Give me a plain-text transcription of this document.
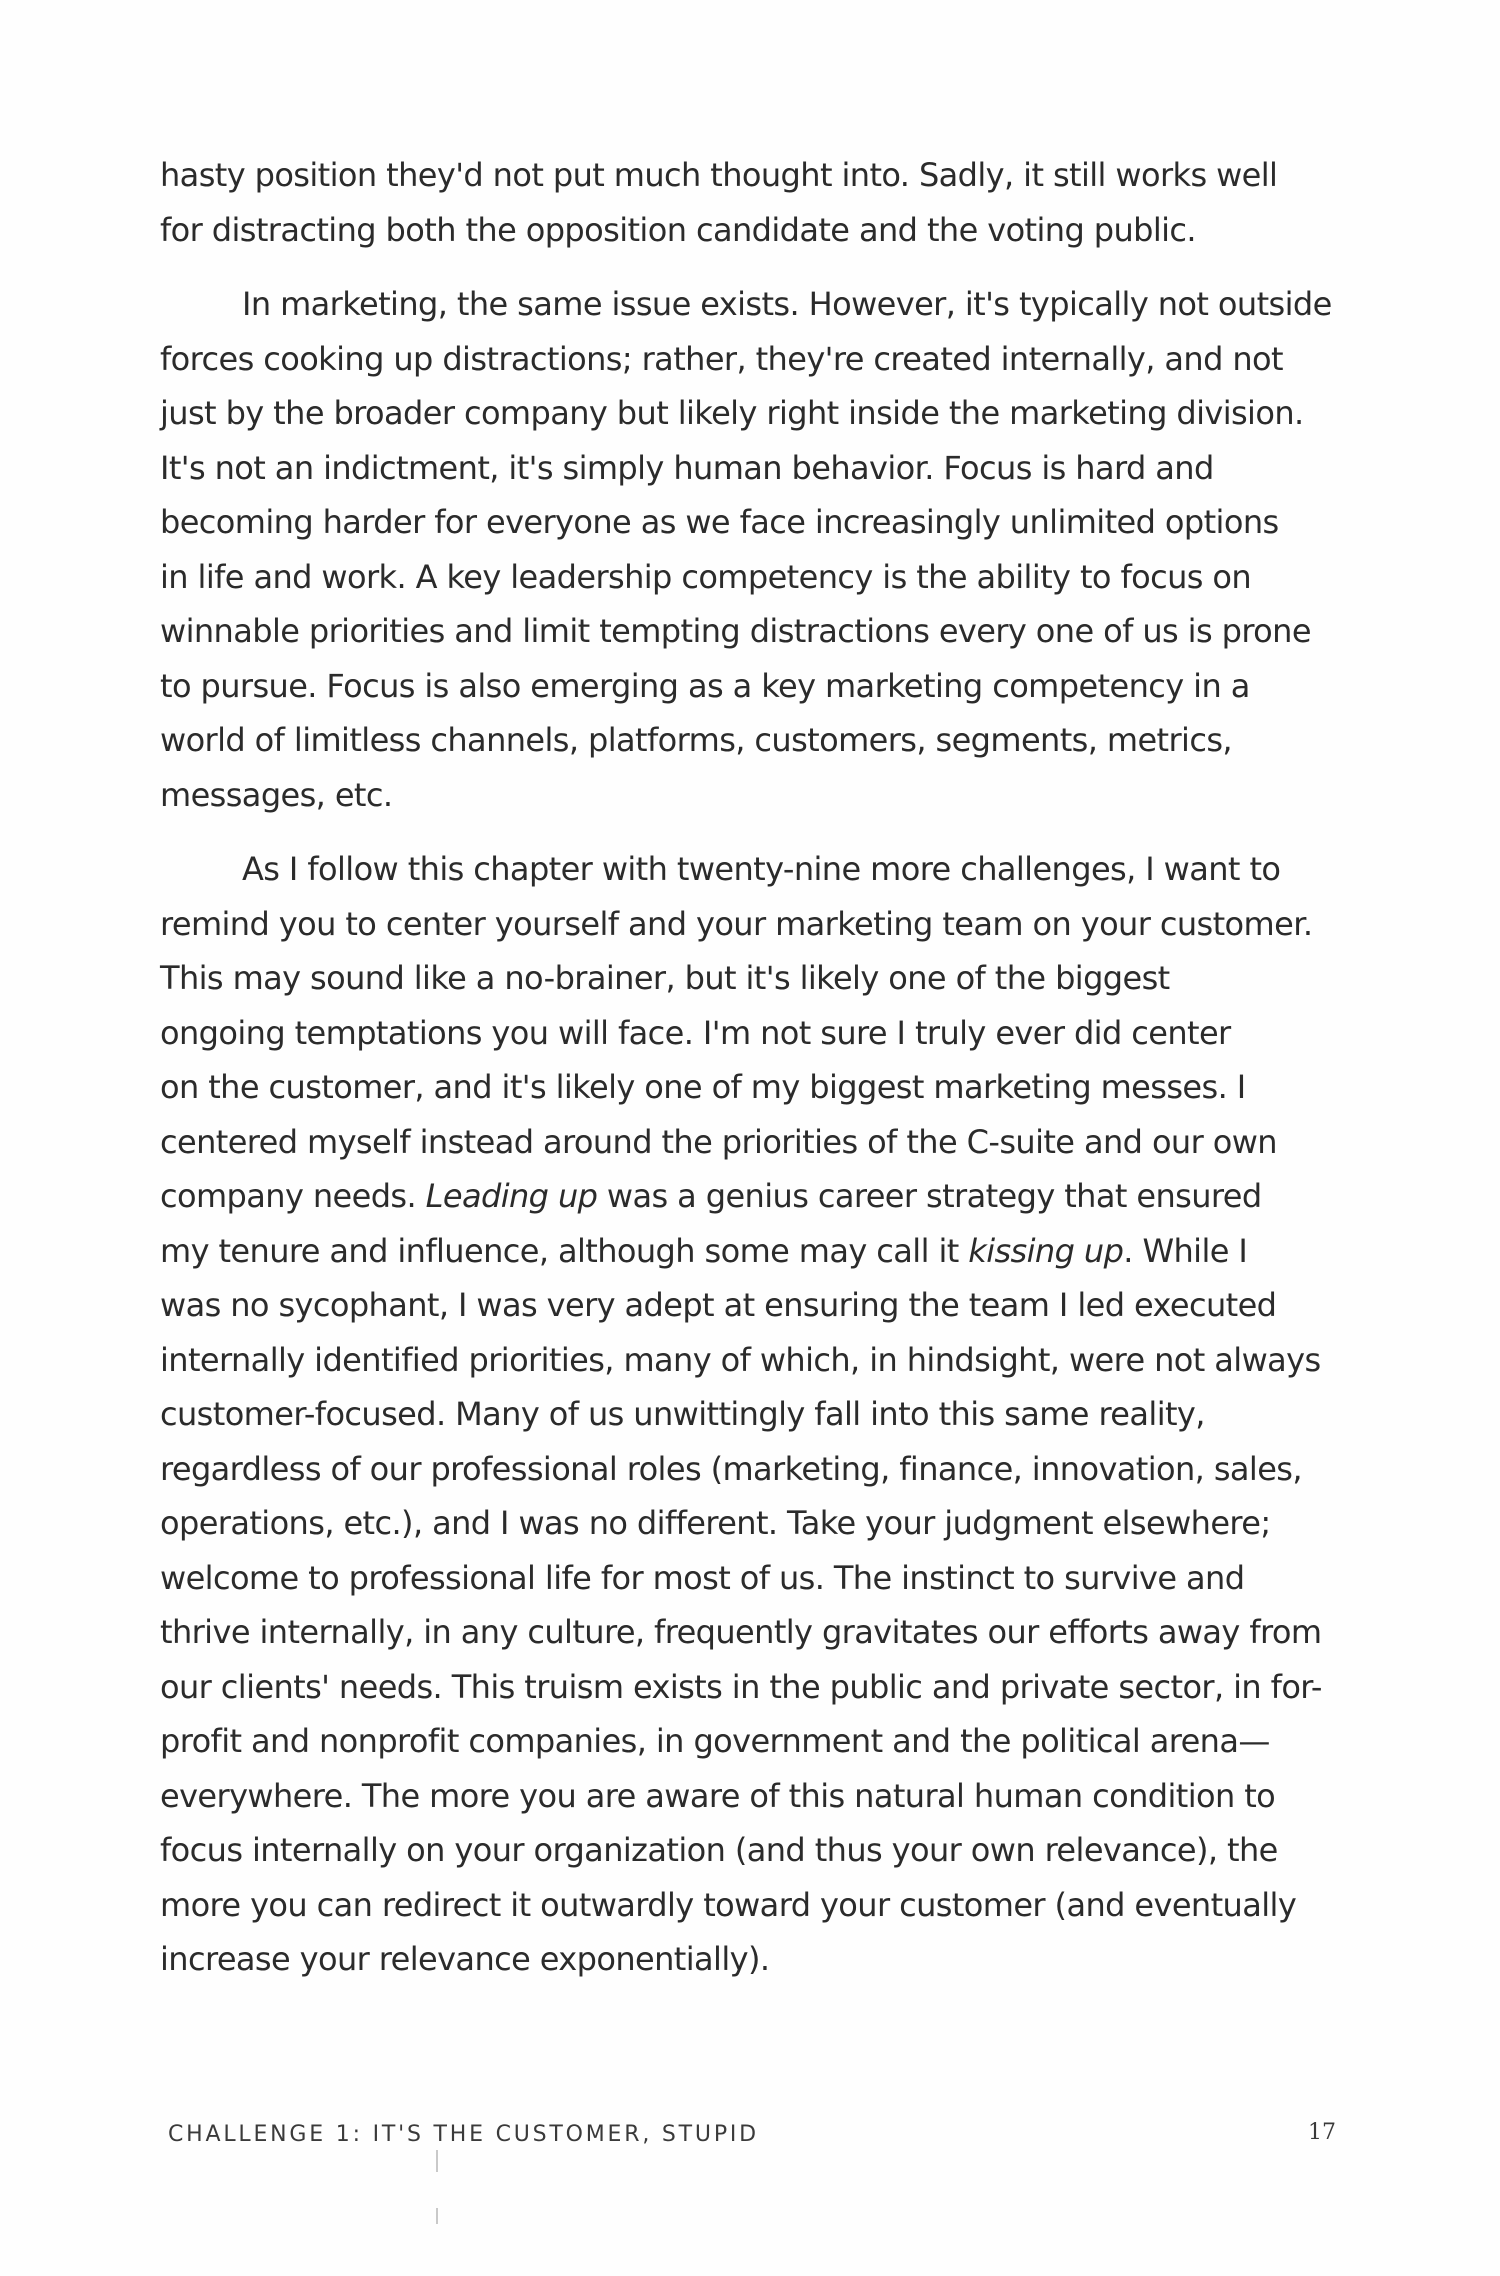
hasty position they'd not put much thought into. Sadly, it still works well
for distracting both the opposition candidate and the voting public.
In marketing, the same issue exists. However, it's typically not outside
forces cooking up distractions; rather, they're created internally, and not
just by the broader company but likely right inside the marketing division.
It's not an indictment, it's simply human behavior. Focus is hard and
becoming harder for everyone as we face increasingly unlimited options
in life and work. A key leadership competency is the ability to focus on
winnable priorities and limit tempting distractions every one of us is prone
to pursue. Focus is also emerging as a key marketing competency in a
world of limitless channels, platforms, customers, segments, metrics,
messages, etc.
As I follow this chapter with twenty-nine more challenges, I want to
remind you to center yourself and your marketing team on your customer.
This may sound like a no-brainer, but it's likely one of the biggest
ongoing temptations you will face. I'm not sure I truly ever did center
on the customer, and it's likely one of my biggest marketing messes. I
centered myself instead around the priorities of the C-suite and our own
company needs. Leading up was a genius career strategy that ensured
my tenure and influence, although some may call it kissing up. While I
was no sycophant, I was very adept at ensuring the team I led executed
internally identified priorities, many of which, in hindsight, were not always
customer-focused. Many of us unwittingly fall into this same reality,
regardless of our professional roles (marketing, finance, innovation, sales,
operations, etc.), and I was no different. Take your judgment elsewhere;
welcome to professional life for most of us. The instinct to survive and
thrive internally, in any culture, frequently gravitates our efforts away from
our clients' needs. This truism exists in the public and private sector, in for-
profit and nonprofit companies, in government and the political arena—
everywhere. The more you are aware of this natural human condition to
focus internally on your organization (and thus your own relevance), the
more you can redirect it outwardly toward your customer (and eventually
increase your relevance exponentially).
CHALLENGE 1: IT'S THE CUSTOMER, STUPID	17
